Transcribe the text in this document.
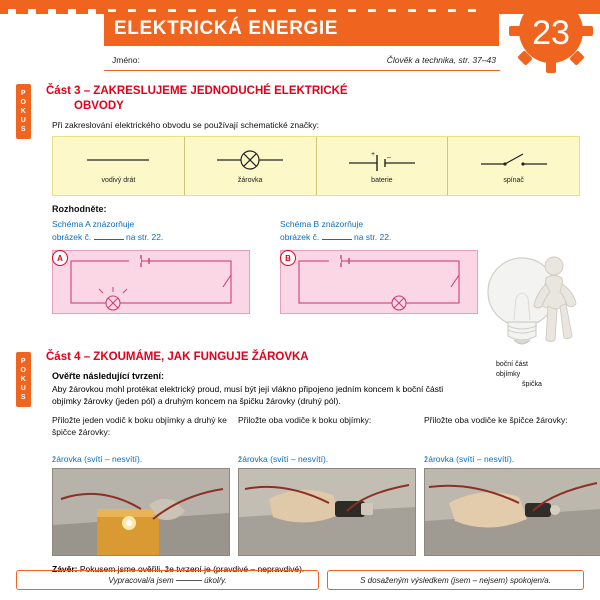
ELEKTRICKÁ ENERGIE	23
Jméno:	Člověk a technika, str. 37–43
P
O
K
U
S
Část 3 – ZAKRESLUJEME JEDNODUCHÉ ELEKTRICKÉ
OBVODY

Při zakreslování elektrického obvodu se používají schematické značky:

vodivý drát	žárovka
+ _
baterie	spínač
Rozhodněte:
Schéma A znázorňuje
obrázek č.	na str. 22.
A
Schéma B znázorňuje
obrázek č.	na str. 22.
B
boční část
objímky
špička
P
O
K
U
S
Část 4 – ZKOUMÁME, JAK FUNGUJE ŽÁROVKA
Ověřte následující tvrzení:
Aby žárovkou mohl protékat elektrický proud, musí být její vlákno připojeno jedním koncem k boční části objímky žárovky (jeden pól) a druhým koncem na špičku žárovky (druhý pól).
Přiložte jeden vodič k boku objímky a druhý ke špičce žárovky:
žárovka (svítí – nesvítí).
Přiložte oba vodiče k boku objímky:
žárovka (svítí – nesvítí).
Přiložte oba vodiče ke špičce žárovky:
žárovka (svítí – nesvítí).
Závěr: Pokusem jsme ověřili, že tvrzení je (pravdivé – nepravdivé).
Vypracoval/a jsem

	úkol/y.	S dosaženým výsledkem (jsem – nejsem) spokojen/a.
